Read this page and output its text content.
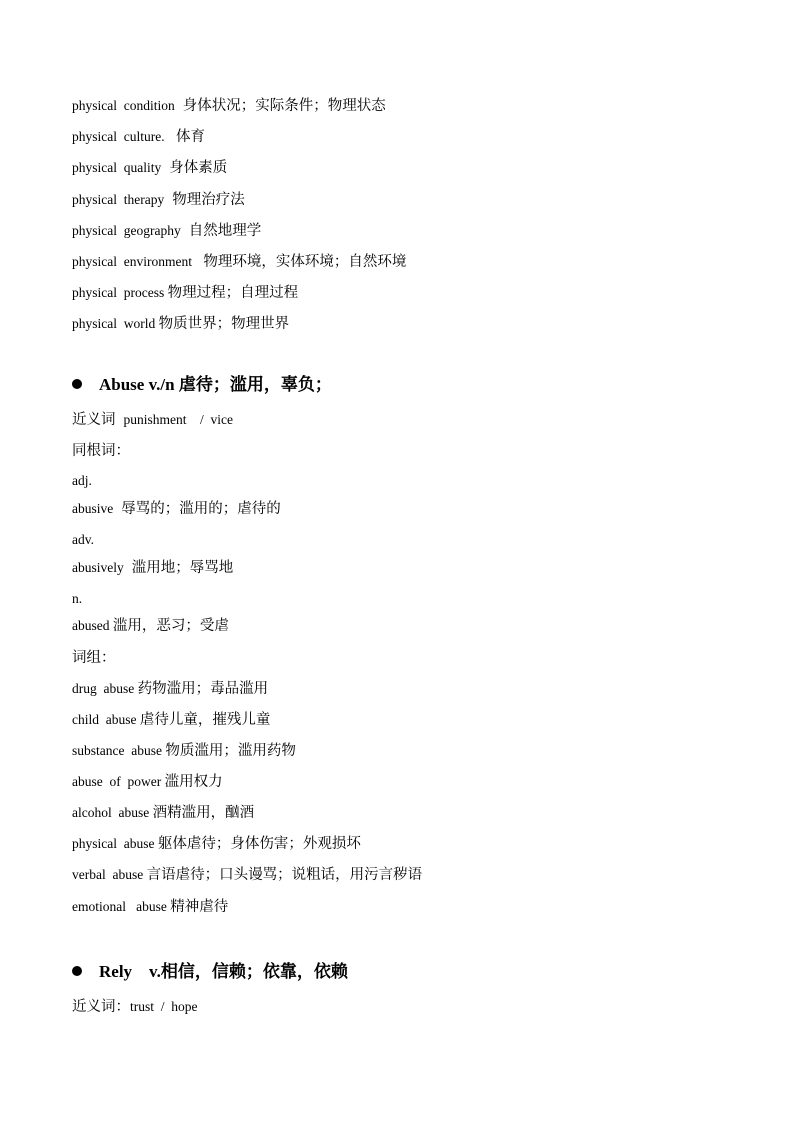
physical  condition  身体状况；实际条件；物理状态
physical  culture.   体育
physical  quality  身体素质
physical  therapy  物理治疗法
physical  geography  自然地理学
physical  environment   物理环境，实体环境；自然环境
physical  process 物理过程；自理过程
physical  world 物质世界；物理世界
Abuse v./n 虐待；滥用，辜负；
近义词  punishment    /  vice
同根词：
adj.
abusive  辱骂的；滥用的；虐待的
adv.
abusively  滥用地；辱骂地
n.
abused 滥用，恶习；受虐
词组：
drug  abuse 药物滥用；毒品滥用
child  abuse 虐待儿童，摧残儿童
substance  abuse 物质滥用；滥用药物
abuse  of  power 滥用权力
alcohol  abuse 酒精滥用，酗酒
physical  abuse 躯体虐待；身体伤害；外观损坏
verbal  abuse 言语虐待；口头谩骂；说粗话，用污言秽语
emotional   abuse 精神虐待
Rely    v.相信，信赖；依靠，依赖
近义词：trust  /  hope
